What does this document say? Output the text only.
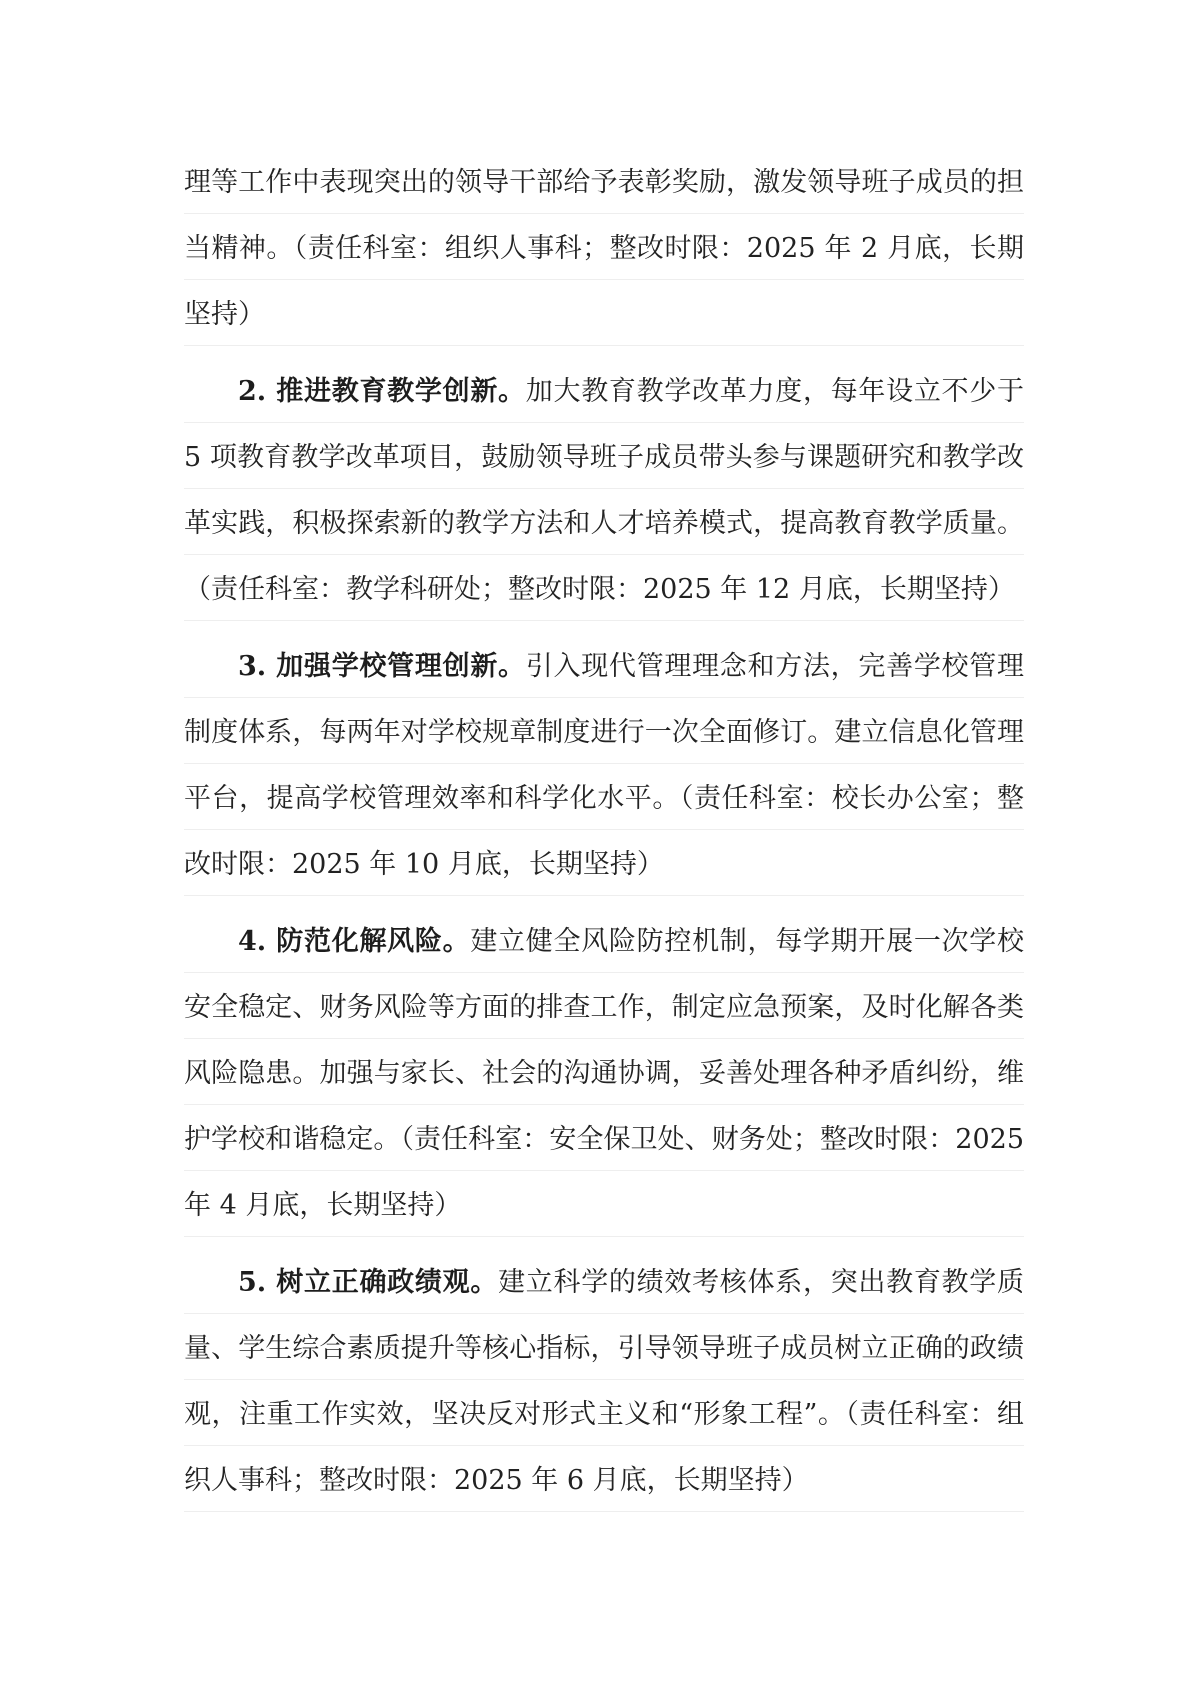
理等工作中表现突出的领导干部给予表彰奖励，激发领导班子成员的担当精神。（责任科室：组织人事科；整改时限：2025 年 2 月底，长期坚持）

2. 推进教育教学创新。加大教育教学改革力度，每年设立不少于 5 项教育教学改革项目，鼓励领导班子成员带头参与课题研究和教学改革实践，积极探索新的教学方法和人才培养模式，提高教育教学质量。（责任科室：教学科研处；整改时限：2025 年 12 月底，长期坚持）

3. 加强学校管理创新。引入现代管理理念和方法，完善学校管理制度体系，每两年对学校规章制度进行一次全面修订。建立信息化管理平台，提高学校管理效率和科学化水平。（责任科室：校长办公室；整改时限：2025 年 10 月底，长期坚持）

4. 防范化解风险。建立健全风险防控机制，每学期开展一次学校安全稳定、财务风险等方面的排查工作，制定应急预案，及时化解各类风险隐患。加强与家长、社会的沟通协调，妥善处理各种矛盾纠纷，维护学校和谐稳定。（责任科室：安全保卫处、财务处；整改时限：2025 年 4 月底，长期坚持）

5. 树立正确政绩观。建立科学的绩效考核体系，突出教育教学质量、学生综合素质提升等核心指标，引导领导班子成员树立正确的政绩观，注重工作实效，坚决反对形式主义和“形象工程”。（责任科室：组织人事科；整改时限：2025 年 6 月底，长期坚持）
